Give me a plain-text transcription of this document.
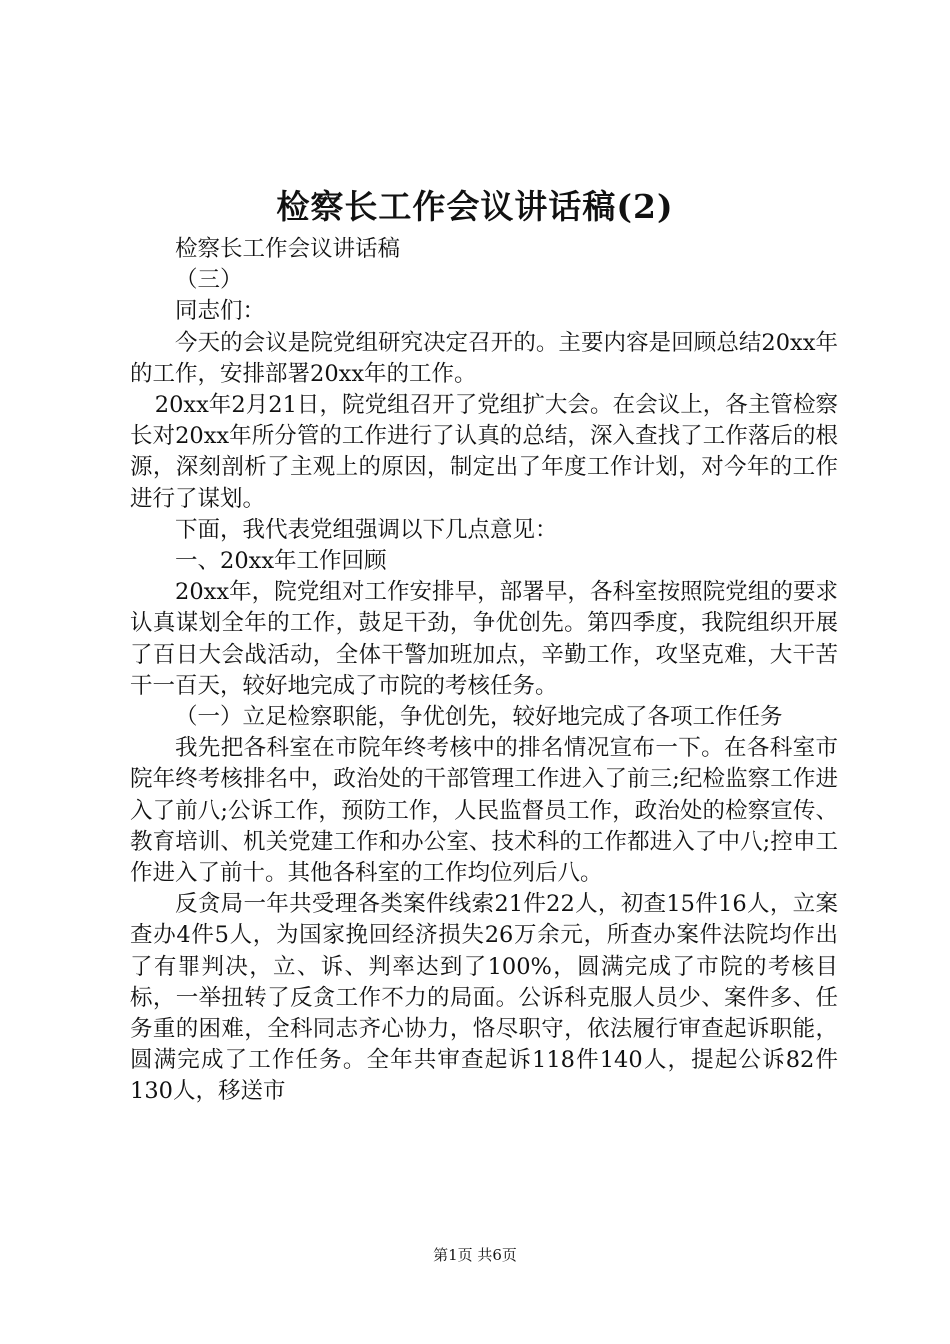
检察长工作会议讲话稿(2)

检察长工作会议讲话稿

（三）

同志们：

今天的会议是院党组研究决定召开的。主要内容是回顾总结20xx年的工作，安排部署20xx年的工作。

20xx年2月21日，院党组召开了党组扩大会。在会议上，各主管检察长对20xx年所分管的工作进行了认真的总结，深入查找了工作落后的根源，深刻剖析了主观上的原因，制定出了年度工作计划，对今年的工作进行了谋划。

下面，我代表党组强调以下几点意见：

一、20xx年工作回顾

20xx年，院党组对工作安排早，部署早，各科室按照院党组的要求认真谋划全年的工作，鼓足干劲，争优创先。第四季度，我院组织开展了百日大会战活动，全体干警加班加点，辛勤工作，攻坚克难，大干苦干一百天，较好地完成了市院的考核任务。

（一）立足检察职能，争优创先，较好地完成了各项工作任务

我先把各科室在市院年终考核中的排名情况宣布一下。在各科室市院年终考核排名中，政治处的干部管理工作进入了前三;纪检监察工作进入了前八;公诉工作，预防工作，人民监督员工作，政治处的检察宣传、教育培训、机关党建工作和办公室、技术科的工作都进入了中八;控申工作进入了前十。其他各科室的工作均位列后八。

反贪局一年共受理各类案件线索21件22人，初查15件16人，立案查办4件5人，为国家挽回经济损失26万余元，所查办案件法院均作出了有罪判决，立、诉、判率达到了100%，圆满完成了市院的考核目标，一举扭转了反贪工作不力的局面。公诉科克服人员少、案件多、任务重的困难，全科同志齐心协力，恪尽职守，依法履行审查起诉职能，圆满完成了工作任务。全年共审查起诉118件140人，提起公诉82件130人，移送市

第1页 共6页
